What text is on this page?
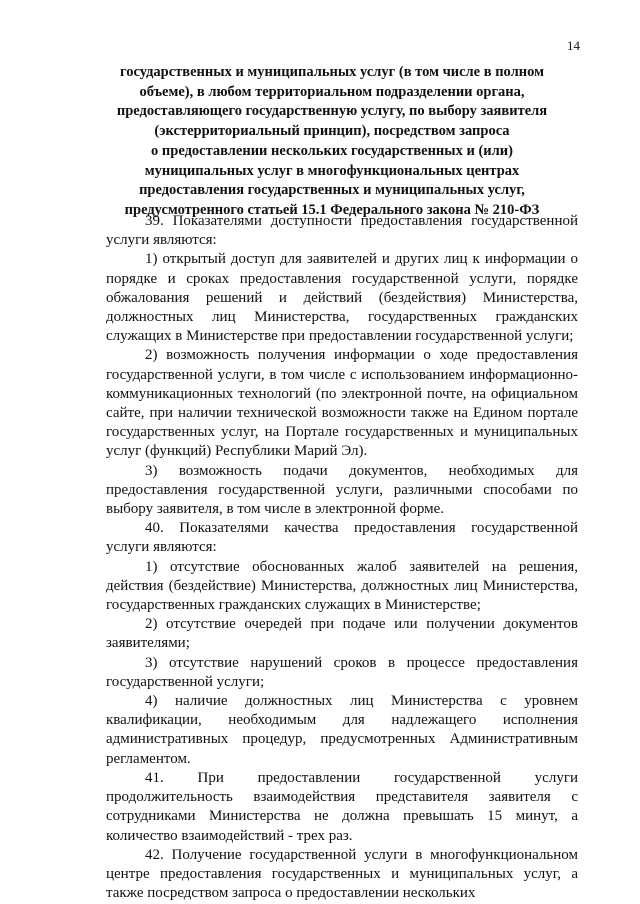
14
государственных и муниципальных услуг (в том числе в полном
объеме), в любом территориальном подразделении органа,
предоставляющего государственную услугу, по выбору заявителя
(экстерриториальный принцип), посредством запроса
о предоставлении нескольких государственных и (или)
муниципальных услуг в многофункциональных центрах
предоставления государственных и муниципальных услуг,
предусмотренного статьей 15.1 Федерального закона № 210-ФЗ

39. Показателями доступности предоставления государственной услуги являются:

1) открытый доступ для заявителей и других лиц к информации о порядке и сроках предоставления государственной услуги, порядке обжалования решений и действий (бездействия) Министерства, должностных лиц Министерства, государственных гражданских служащих в Министерстве при предоставлении государственной услуги;

2) возможность получения информации о ходе предоставления государственной услуги, в том числе с использованием информационно-коммуникационных технологий (по электронной почте, на официальном сайте, при наличии технической возможности также на Едином портале государственных услуг, на Портале государственных и муниципальных услуг (функций) Республики Марий Эл).

3) возможность подачи документов, необходимых для предоставления государственной услуги, различными способами по выбору заявителя, в том числе в электронной форме.

40. Показателями качества предоставления государственной услуги являются:

1) отсутствие обоснованных жалоб заявителей на решения, действия (бездействие) Министерства, должностных лиц Министерства, государственных гражданских служащих в Министерстве;

2) отсутствие очередей при подаче или получении документов заявителями;

3) отсутствие нарушений сроков в процессе предоставления государственной услуги;

4) наличие должностных лиц Министерства с уровнем квалификации, необходимым для надлежащего исполнения административных процедур, предусмотренных Административным регламентом.

41. При предоставлении государственной услуги продолжительность взаимодействия представителя заявителя с сотрудниками Министерства не должна превышать 15 минут, а количество взаимодействий - трех раз.

42. Получение государственной услуги в многофункциональном центре предоставления государственных и муниципальных услуг, а также посредством запроса о предоставлении нескольких
